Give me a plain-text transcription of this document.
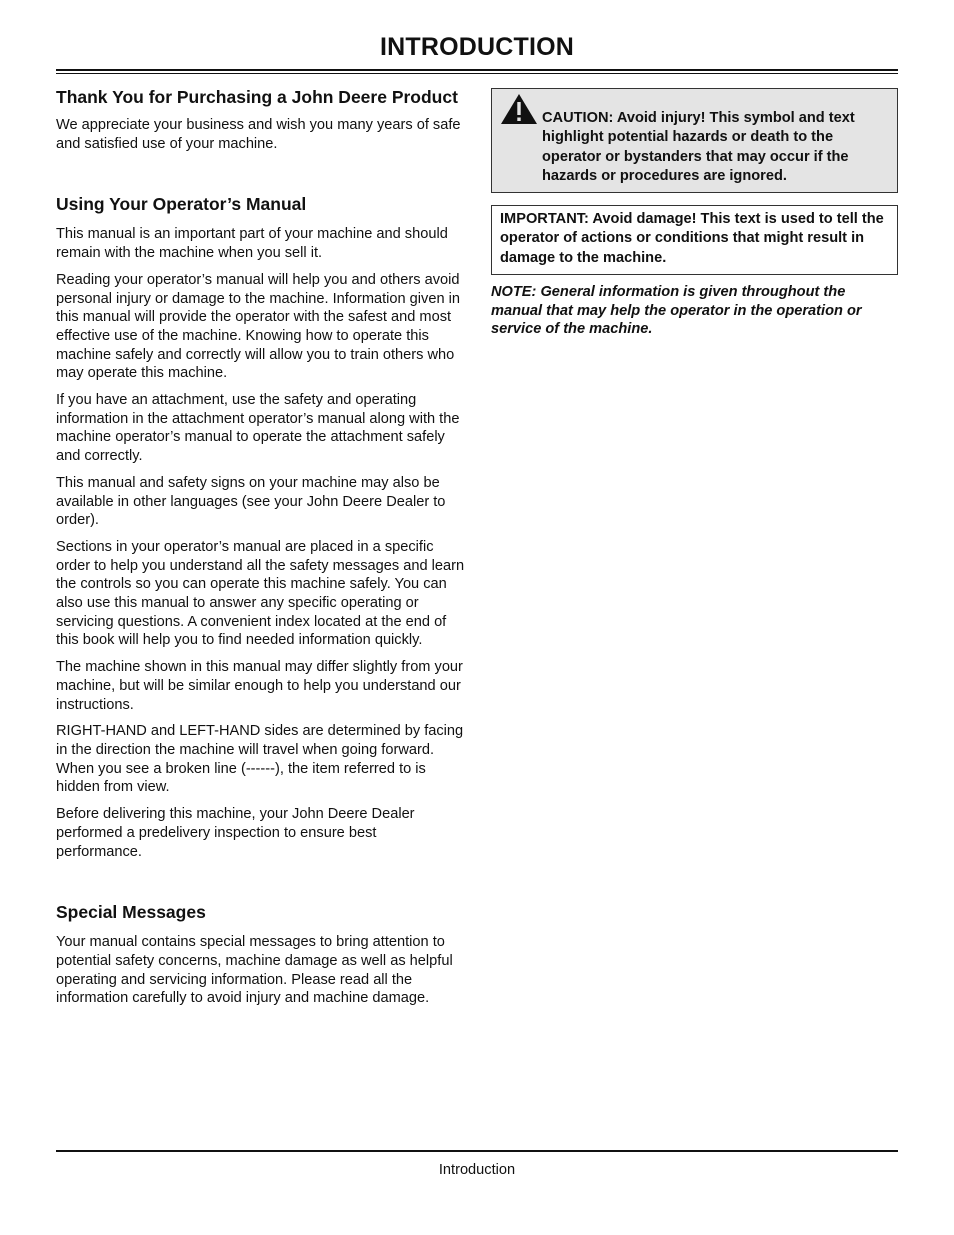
INTRODUCTION
Thank You for Purchasing a John Deere Product

We appreciate your business and wish you many years of safe and satisfied use of your machine.

Using Your Operator’s Manual

This manual is an important part of your machine and should remain with the machine when you sell it.

Reading your operator’s manual will help you and others avoid personal injury or damage to the machine. Information given in this manual will provide the operator with the safest and most effective use of the machine. Knowing how to operate this machine safely and correctly will allow you to train others who may operate this machine.

If you have an attachment, use the safety and operating information in the attachment operator’s manual along with the machine operator’s manual to operate the attachment safely and correctly.

This manual and safety signs on your machine may also be available in other languages (see your John Deere Dealer to order).

Sections in your operator’s manual are placed in a specific order to help you understand all the safety messages and learn the controls so you can operate this machine safely. You can also use this manual to answer any specific operating or servicing questions. A convenient index located at the end of this book will help you to find needed information quickly.

The machine shown in this manual may differ slightly from your machine, but will be similar enough to help you understand our instructions.

RIGHT-HAND and LEFT-HAND sides are determined by facing in the direction the machine will travel when going forward. When you see a broken line (------), the item referred to is hidden from view.

Before delivering this machine, your John Deere Dealer performed a predelivery inspection to ensure best performance.

Special Messages

Your manual contains special messages to bring attention to potential safety concerns, machine damage as well as helpful operating and servicing information. Please read all the information carefully to avoid injury and machine damage.

CAUTION: Avoid injury! This symbol and text highlight potential hazards or death to the operator or bystanders that may occur if the hazards or procedures are ignored.

IMPORTANT: Avoid damage! This text is used to tell the operator of actions or conditions that might result in damage to the machine.

NOTE: General information is given throughout the manual that may help the operator in the operation or service of the machine.

Introduction
